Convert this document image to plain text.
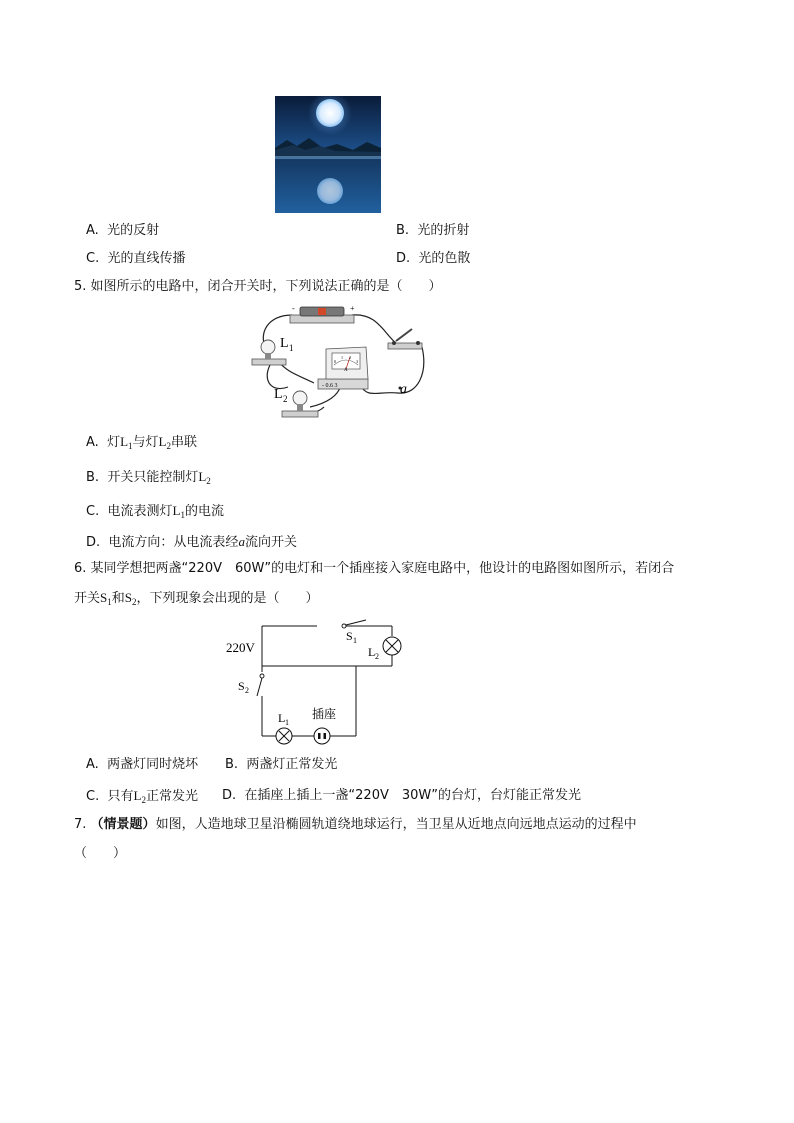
A. 光的反射	B. 光的折射
C. 光的直线传播	D. 光的色散
5. 如图所示的电路中，闭合开关时，下列说法正确的是（　　）
-	+
L 1
L 2
0
1 2
3
A
- 0.6 3	a
A. 灯$L_1$与灯$L_2$串联
B. 开关只能控制灯$L_2$
C. 电流表测灯$L_1$的电流
D. 电流方向：从电流表经a流向开关
6. 某同学想把两盏“220V　60W”的电灯和一个插座接入家庭电路中，他设计的电路图如图所示，若闭合
开关$S_1$和$S_2$，下列现象会出现的是（　　）
220V
S 1
L 2
S 2
L 1
插座
A. 两盏灯同时烧坏 B. 两盏灯正常发光
C. 只有$L_2$正常发光 D. 在插座上插上一盏“220V　30W”的台灯，台灯能正常发光
7. （情景题）如图，人造地球卫星沿椭圆轨道绕地球运行，当卫星从近地点向远地点运动的过程中
（　　）
